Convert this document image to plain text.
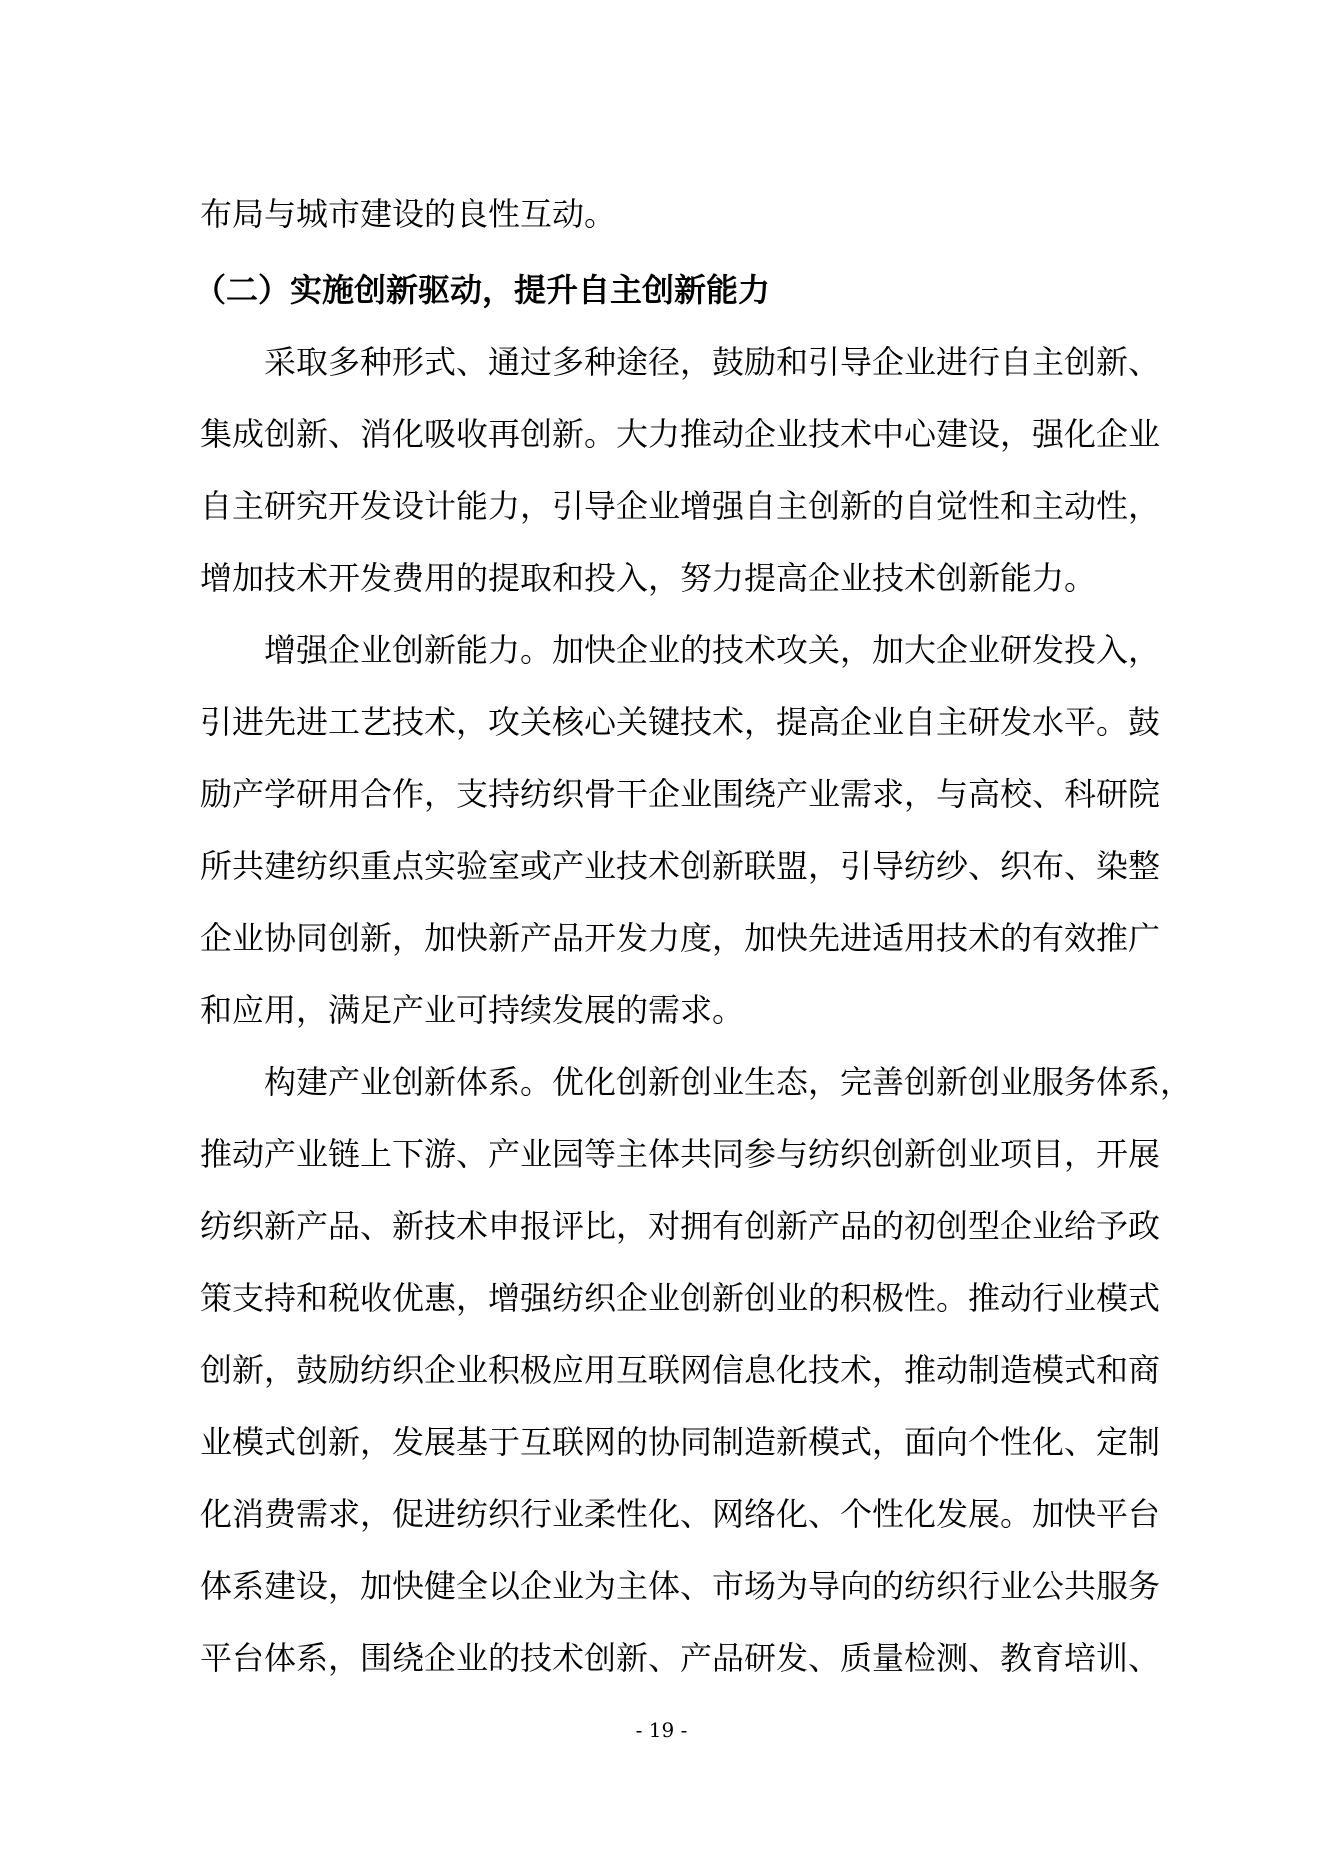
布局与城市建设的良性互动。
（二）实施创新驱动，提升自主创新能力
采取多种形式、通过多种途径，鼓励和引导企业进行自主创新、
集成创新、消化吸收再创新。大力推动企业技术中心建设，强化企业
自主研究开发设计能力，引导企业增强自主创新的自觉性和主动性，
增加技术开发费用的提取和投入，努力提高企业技术创新能力。
增强企业创新能力。加快企业的技术攻关，加大企业研发投入，
引进先进工艺技术，攻关核心关键技术，提高企业自主研发水平。鼓
励产学研用合作，支持纺织骨干企业围绕产业需求，与高校、科研院
所共建纺织重点实验室或产业技术创新联盟，引导纺纱、织布、染整
企业协同创新，加快新产品开发力度，加快先进适用技术的有效推广
和应用，满足产业可持续发展的需求。
构建产业创新体系。优化创新创业生态，完善创新创业服务体系，
推动产业链上下游、产业园等主体共同参与纺织创新创业项目，开展
纺织新产品、新技术申报评比，对拥有创新产品的初创型企业给予政
策支持和税收优惠，增强纺织企业创新创业的积极性。推动行业模式
创新，鼓励纺织企业积极应用互联网信息化技术，推动制造模式和商
业模式创新，发展基于互联网的协同制造新模式，面向个性化、定制
化消费需求，促进纺织行业柔性化、网络化、个性化发展。加快平台
体系建设，加快健全以企业为主体、市场为导向的纺织行业公共服务
平台体系，围绕企业的技术创新、产品研发、质量检测、教育培训、
- 19 -
